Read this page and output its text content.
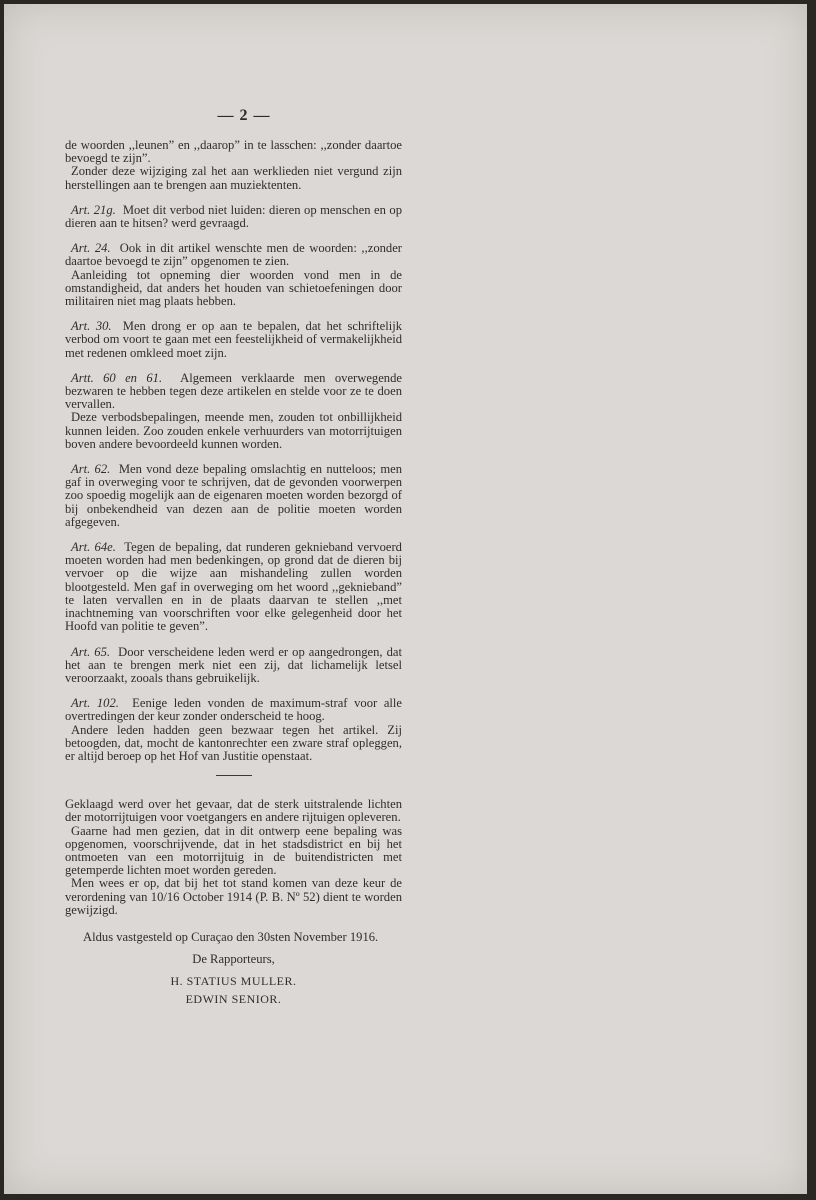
— 2 —

de woorden ,,leunen” en ,,daarop” in te lasschen: ,,zonder daartoe bevoegd te zijn”.

Zonder deze wijziging zal het aan werklieden niet vergund zijn herstellingen aan te brengen aan muziektenten.

Art. 21g. Moet dit verbod niet luiden: dieren op menschen en op dieren aan te hitsen? werd gevraagd.

Art. 24. Ook in dit artikel wenschte men de woorden: ,,zonder daartoe bevoegd te zijn” opgenomen te zien.

Aanleiding tot opneming dier woorden vond men in de omstandigheid, dat anders het houden van schietoefeningen door militairen niet mag plaats hebben.

Art. 30. Men drong er op aan te bepalen, dat het schriftelijk verbod om voort te gaan met een feestelijkheid of vermakelijkheid met redenen omkleed moet zijn.

Artt. 60 en 61. Algemeen verklaarde men overwegende bezwaren te hebben tegen deze artikelen en stelde voor ze te doen vervallen.

Deze verbodsbepalingen, meende men, zouden tot onbillijkheid kunnen leiden. Zoo zouden enkele verhuurders van motorrijtuigen boven andere bevoordeeld kunnen worden.

Art. 62. Men vond deze bepaling omslachtig en nutteloos; men gaf in overweging voor te schrijven, dat de gevonden voorwerpen zoo spoedig mogelijk aan de eigenaren moeten worden bezorgd of bij onbekendheid van dezen aan de politie moeten worden afgegeven.

Art. 64e. Tegen de bepaling, dat runderen geknieband vervoerd moeten worden had men bedenkingen, op grond dat de dieren bij vervoer op die wijze aan mishandeling zullen worden blootgesteld. Men gaf in overweging om het woord ,,geknieband” te laten vervallen en in de plaats daarvan te stellen ,,met inachtneming van voorschriften voor elke gelegenheid door het Hoofd van politie te geven”.

Art. 65. Door verscheidene leden werd er op aangedrongen, dat het aan te brengen merk niet een zij, dat lichamelijk letsel veroorzaakt, zooals thans gebruikelijk.

Art. 102. Eenige leden vonden de maximum-straf voor alle overtredingen der keur zonder onderscheid te hoog.

Andere leden hadden geen bezwaar tegen het artikel. Zij betoogden, dat, mocht de kantonrechter een zware straf opleggen, er altijd beroep op het Hof van Justitie openstaat.

Geklaagd werd over het gevaar, dat de sterk uitstralende lichten der motorrijtuigen voor voetgangers en andere rijtuigen opleveren.

Gaarne had men gezien, dat in dit ontwerp eene bepaling was opgenomen, voorschrijvende, dat in het stadsdistrict en bij het ontmoeten van een motorrijtuig in de buitendistricten met getemperde lichten moet worden gereden.

Men wees er op, dat bij het tot stand komen van deze keur de verordening van 10/16 October 1914 (P. B. Nº 52) dient te worden gewijzigd.

Aldus vastgesteld op Curaçao den 30sten November 1916.
De Rapporteurs,
H. STATIUS MULLER.
EDWIN SENIOR.
